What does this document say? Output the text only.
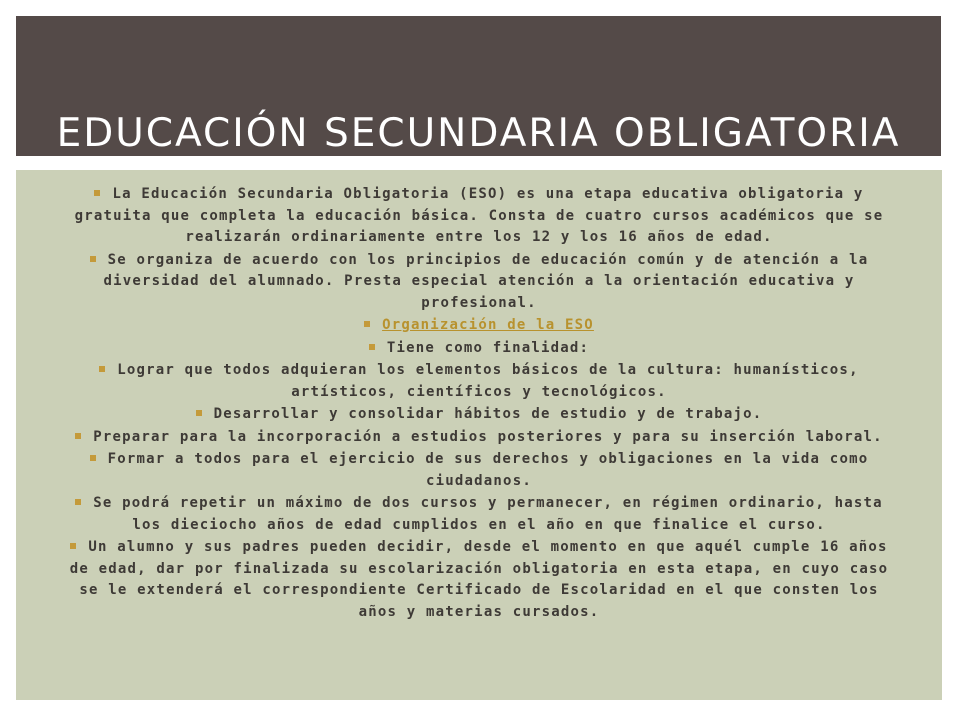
EDUCACIÓN SECUNDARIA OBLIGATORIA
La Educación Secundaria Obligatoria (ESO) es una etapa educativa obligatoria y gratuita que completa la educación básica. Consta de cuatro cursos académicos que se realizarán ordinariamente entre los 12 y los 16 años de edad.
Se organiza de acuerdo con los principios de educación común y de atención a la diversidad del alumnado. Presta especial atención a la orientación educativa y profesional.
Organización de la ESO
Tiene como finalidad:
Lograr que todos adquieran los elementos básicos de la cultura: humanísticos, artísticos, científicos y tecnológicos.
Desarrollar y consolidar hábitos de estudio y de trabajo.
Preparar para la incorporación a estudios posteriores y para su inserción laboral.
Formar a todos para el ejercicio de sus derechos y obligaciones en la vida como ciudadanos.
Se podrá repetir un máximo de dos cursos y permanecer, en régimen ordinario, hasta los dieciocho años de edad cumplidos en el año en que finalice el curso.
Un alumno y sus padres pueden decidir, desde el momento en que aquél cumple 16 años de edad, dar por finalizada su escolarización obligatoria en esta etapa, en cuyo caso se le extenderá el correspondiente Certificado de Escolaridad en el que consten los años y materias cursados.
